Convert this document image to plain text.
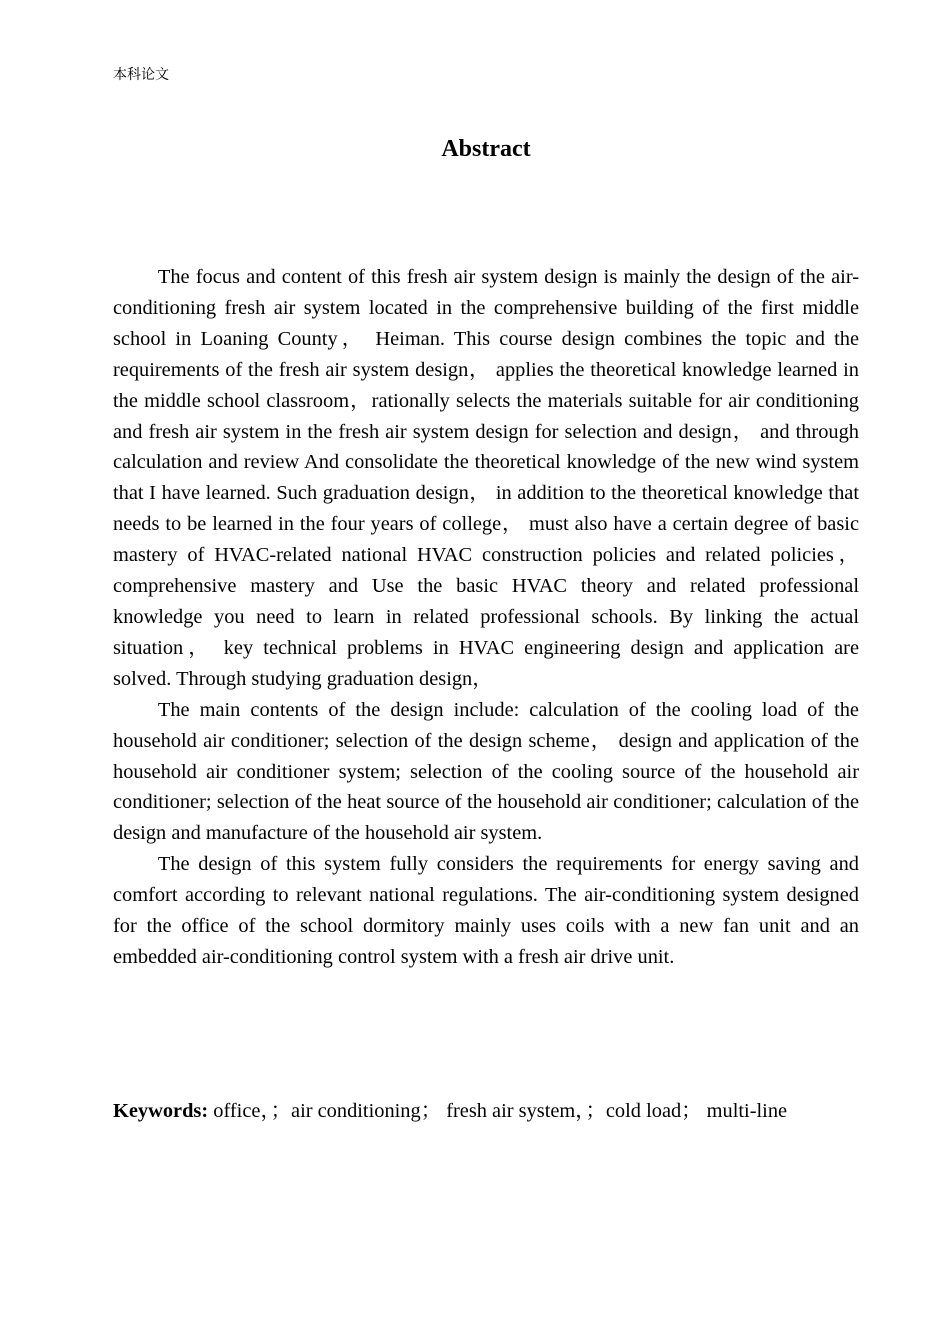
本科论文
Abstract

The focus and content of this fresh air system design is mainly the design of the air-conditioning fresh air system located in the comprehensive building of the first middle school in Loaning County， Heiman. This course design combines the topic and the requirements of the fresh air system design， applies the theoretical knowledge learned in the middle school classroom，rationally selects the materials suitable for air conditioning and fresh air system in the fresh air system design for selection and design， and through calculation and review And consolidate the theoretical knowledge of the new wind system that I have learned. Such graduation design， in addition to the theoretical knowledge that needs to be learned in the four years of college， must also have a certain degree of basic mastery of HVAC-related national HVAC construction policies and related policies， comprehensive mastery and Use the basic HVAC theory and related professional knowledge you need to learn in related professional schools. By linking the actual situation， key technical problems in HVAC engineering design and application are solved. Through studying graduation design，

The main contents of the design include: calculation of the cooling load of the household air conditioner; selection of the design scheme， design and application of the household air conditioner system; selection of the cooling source of the household air conditioner; selection of the heat source of the household air conditioner; calculation of the design and manufacture of the household air system.

The design of this system fully considers the requirements for energy saving and comfort according to relevant national regulations. The air-conditioning system designed for the office of the school dormitory mainly uses coils with a new fan unit and an embedded air-conditioning control system with a fresh air drive unit.

Keywords: office，；air conditioning； fresh air system，；cold load； multi-line
